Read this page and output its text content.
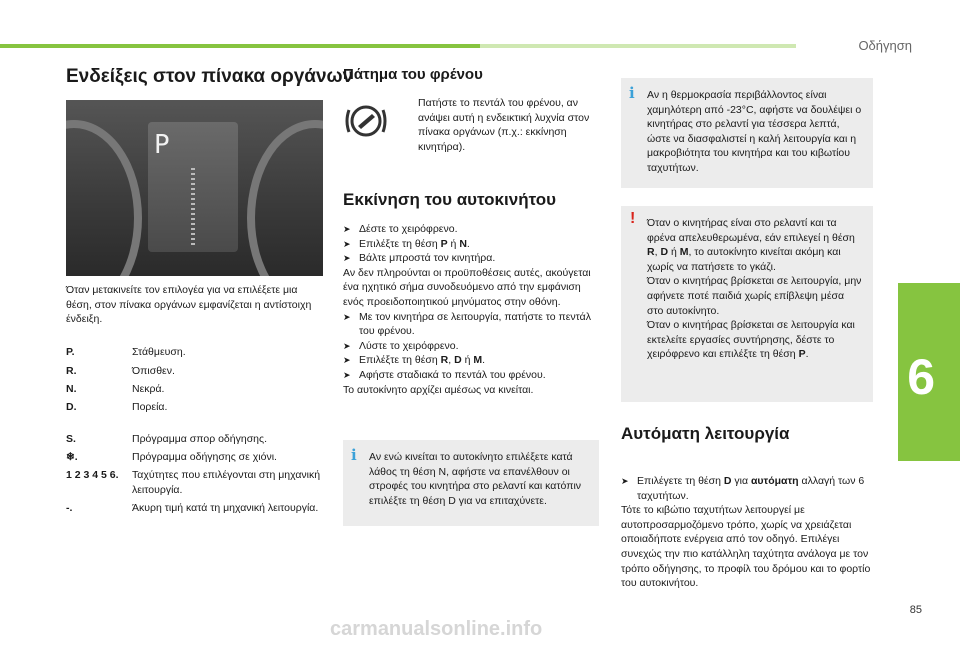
Οδήγηση
6
85
carmanualsonline.info
Ενδείξεις στον πίνακα οργάνων
P
Όταν μετακινείτε τον επιλογέα για να επιλέξετε μια θέση, στον πίνακα οργάνων εμφανίζεται η αντίστοιχη ένδειξη.
P.	Στάθμευση.
R.	Όπισθεν.
N.	Νεκρά.
D.	Πορεία.
S.	Πρόγραμμα σπορ οδήγησης.
❄.	Πρόγραμμα οδήγησης σε χιόνι.
1 2 3 4 5 6.	Ταχύτητες που επιλέγονται στη μηχανική λειτουργία.
-.	Άκυρη τιμή κατά τη μηχανική λειτουργία.
Πάτημα του φρένου
Πατήστε το πεντάλ του φρένου, αν ανάψει αυτή η ενδεικτική λυχνία στον πίνακα οργάνων (π.χ.: εκκίνηση κινητήρα).
Εκκίνηση του αυτοκινήτου

➤ Δέστε το χειρόφρενο.

➤ Επιλέξτε τη θέση P ή N.

➤ Βάλτε μπροστά τον κινητήρα.

Αν δεν πληρούνται οι προϋποθέσεις αυτές, ακούγεται ένα ηχητικό σήμα συνοδευόμενο από την εμφάνιση ενός προειδοποιητικού μηνύματος στην οθόνη.

➤ Με τον κινητήρα σε λειτουργία, πατήστε το πεντάλ του φρένου.

➤ Λύστε το χειρόφρενο.

➤ Επιλέξτε τη θέση R, D ή M.

➤ Αφήστε σταδιακά το πεντάλ του φρένου.

Το αυτοκίνητο αρχίζει αμέσως να κινείται.

i Αν ενώ κινείται το αυτοκίνητο επιλέξετε κατά λάθος τη θέση N, αφήστε να επανέλθουν οι στροφές του κινητήρα στο ρελαντί και κατόπιν επιλέξτε τη θέση D για να επιταχύνετε.
i Αν η θερμοκρασία περιβάλλοντος είναι χαμηλότερη από -23°C, αφήστε να δουλέψει ο κινητήρας στο ρελαντί για τέσσερα λεπτά, ώστε να διασφαλιστεί η καλή λειτουργία και η μακροβιότητα του κινητήρα και του κιβωτίου ταχυτήτων.
! Όταν ο κινητήρας είναι στο ρελαντί και τα φρένα απελευθερωμένα, εάν επιλεγεί η θέση R, D ή M, το αυτοκίνητο κινείται ακόμη και χωρίς να πατήσετε το γκάζι.
Όταν ο κινητήρας βρίσκεται σε λειτουργία, μην αφήνετε ποτέ παιδιά χωρίς επίβλεψη μέσα στο αυτοκίνητο.
Όταν ο κινητήρας βρίσκεται σε λειτουργία και εκτελείτε εργασίες συντήρησης, δέστε το χειρόφρενο και επιλέξτε τη θέση P.
Αυτόματη λειτουργία

➤ Επιλέγετε τη θέση D για αυτόματη αλλαγή των 6 ταχυτήτων.

Τότε το κιβώτιο ταχυτήτων λειτουργεί με αυτοπροσαρμοζόμενο τρόπο, χωρίς να χρειάζεται οποιαδήποτε ενέργεια από τον οδηγό. Επιλέγει συνεχώς την πιο κατάλληλη ταχύτητα ανάλογα με τον τρόπο οδήγησης, το προφίλ του δρόμου και το φορτίο του αυτοκινήτου.
